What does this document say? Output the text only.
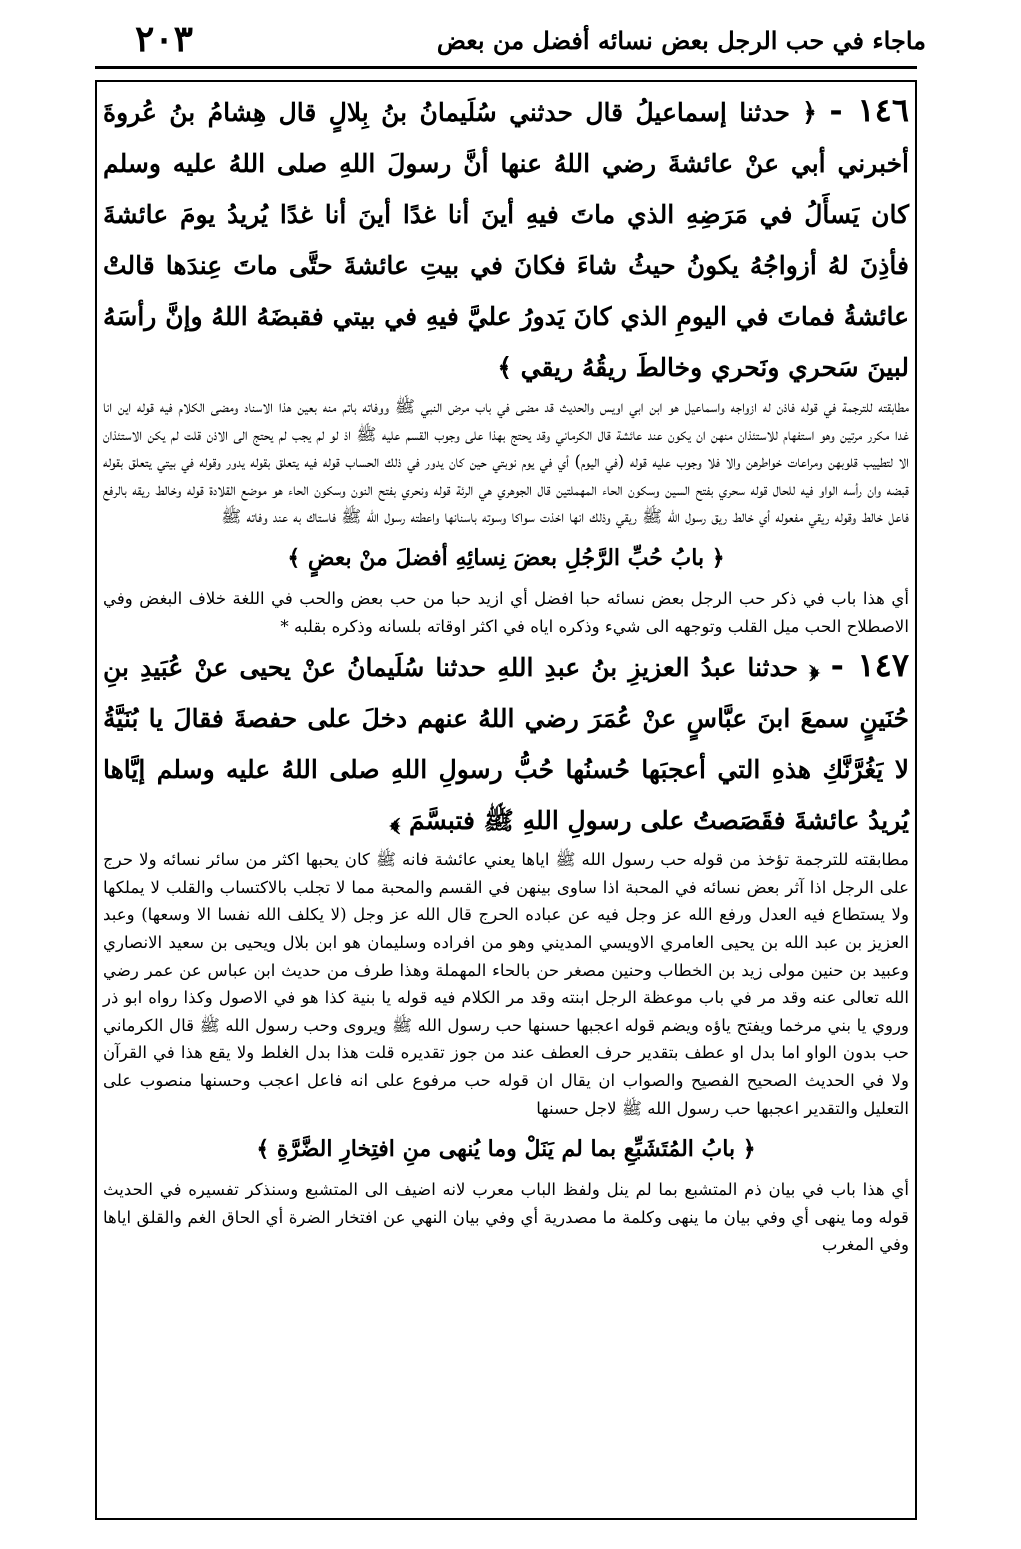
٢٠٣	ماجاء في حب الرجل بعض نسائه أفضل من بعض

١٤٦ - ﴿ حدثنا إسماعيلُ قال حدثني سُلَيمانُ بنُ بِلالٍ قال هِشامُ بنُ عُروةَ أخبرني أبي عنْ عائشةَ رضي اللهُ عنها أنَّ رسولَ اللهِ صلى اللهُ عليه وسلم كان يَسأَلُ في مَرَضِهِ الذي ماتَ فيهِ أينَ أنا غدًا أينَ أنا غدًا يُريدُ يومَ عائشةَ فأذِنَ لهُ أزواجُهُ يكونُ حيثُ شاءَ فكانَ في بيتِ عائشةَ حتَّى ماتَ عِندَها قالتْ عائشةُ فماتَ في اليومِ الذي كانَ يَدورُ عليَّ فيهِ في بيتي فقبضَهُ اللهُ وإنَّ رأسَهُ لبينَ سَحري ونَحري وخالطَ ريقُهُ ريقي ﴾

مطابقته للترجمة في قوله فاذن له ازواجه واسماعيل هو ابن ابي اويس والحديث قد مضى في باب مرض النبي ﷺ ووفاته باتم منه بعين هذا الاسناد ومضى الكلام فيه قوله اين انا غدا مكرر مرتين وهو استفهام للاستئذان منهن ان يكون عند عائشة قال الكرماني وقد يحتج بهذا على وجوب القسم عليه ﷺ اذ لو لم يجب لم يحتج الى الاذن قلت لم يكن الاستئذان الا لتطييب قلوبهن ومراعات خواطرهن والا فلا وجوب عليه قوله (في اليوم) أي في يوم نوبتي حين كان يدور في ذلك الحساب قوله فيه يتعلق بقوله يدور وقوله في بيتي يتعلق بقوله قبضه وان رأسه الواو فيه للحال قوله سحري بفتح السين وسكون الحاء المهملتين قال الجوهري هي الرئة قوله ونحري بفتح النون وسكون الحاء هو موضع القلادة قوله وخالط ريقه بالرفع فاعل خالط وقوله ريقي مفعوله أي خالط ريق رسول الله ﷺ ريقي وذلك انها اخذت سواكا وسوته باسنانها واعطته رسول الله ﷺ فاستاك به عند وفاته ﷺ

﴿ بابُ حُبِّ الرَّجُلِ بعضَ نِسائِهِ أفضلَ منْ بعضٍ ﴾

أي هذا باب في ذكر حب الرجل بعض نسائه حبا افضل أي ازيد حبا من حب بعض والحب في اللغة خلاف البغض وفي الاصطلاح الحب ميل القلب وتوجهه الى شيء وذكره اياه في اكثر اوقاته بلسانه وذكره بقلبه *

١٤٧ - ﴿ حدثنا عبدُ العزيزِ بنُ عبدِ اللهِ حدثنا سُلَيمانُ عنْ يحيى عنْ عُبَيدِ بنِ حُنَينٍ سمعَ ابنَ عبَّاسٍ عنْ عُمَرَ رضي اللهُ عنهم دخلَ على حفصةَ فقالَ يا بُنَيَّةُ لا يَغُرَّنَّكِ هذهِ التي أعجبَها حُسنُها حُبُّ رسولِ اللهِ صلى اللهُ عليه وسلم إيَّاها يُريدُ عائشةَ فقَصَصتُ على رسولِ اللهِ ﷺ فتبسَّمَ ﴾

مطابقته للترجمة تؤخذ من قوله حب رسول الله ﷺ اياها يعني عائشة فانه ﷺ كان يحبها اكثر من سائر نسائه ولا حرج على الرجل اذا آثر بعض نسائه في المحبة اذا ساوى بينهن في القسم والمحبة مما لا تجلب بالاكتساب والقلب لا يملكها ولا يستطاع فيه العدل ورفع الله عز وجل فيه عن عباده الحرج قال الله عز وجل (لا يكلف الله نفسا الا وسعها) وعبد العزيز بن عبد الله بن يحيى العامري الاويسي المديني وهو من افراده وسليمان هو ابن بلال ويحيى بن سعيد الانصاري وعبيد بن حنين مولى زيد بن الخطاب وحنين مصغر حن بالحاء المهملة وهذا طرف من حديث ابن عباس عن عمر رضي الله تعالى عنه وقد مر في باب موعظة الرجل ابنته وقد مر الكلام فيه قوله يا بنية كذا هو في الاصول وكذا رواه ابو ذر وروي يا بني مرخما ويفتح ياؤه ويضم قوله اعجبها حسنها حب رسول الله ﷺ ويروى وحب رسول الله ﷺ قال الكرماني حب بدون الواو اما بدل او عطف بتقدير حرف العطف عند من جوز تقديره قلت هذا بدل الغلط ولا يقع هذا في القرآن ولا في الحديث الصحيح الفصيح والصواب ان يقال ان قوله حب مرفوع على انه فاعل اعجب وحسنها منصوب على التعليل والتقدير اعجبها حب رسول الله ﷺ لاجل حسنها

﴿ بابُ المُتَشَبِّعِ بما لم يَنَلْ وما يُنهى منِ افتِخارِ الضَّرَّةِ ﴾

أي هذا باب في بيان ذم المتشبع بما لم ينل ولفظ الباب معرب لانه اضيف الى المتشبع وسنذكر تفسيره في الحديث قوله وما ينهى أي وفي بيان ما ينهى وكلمة ما مصدرية أي وفي بيان النهي عن افتخار الضرة أي الحاق الغم والقلق اياها وفي المغرب
